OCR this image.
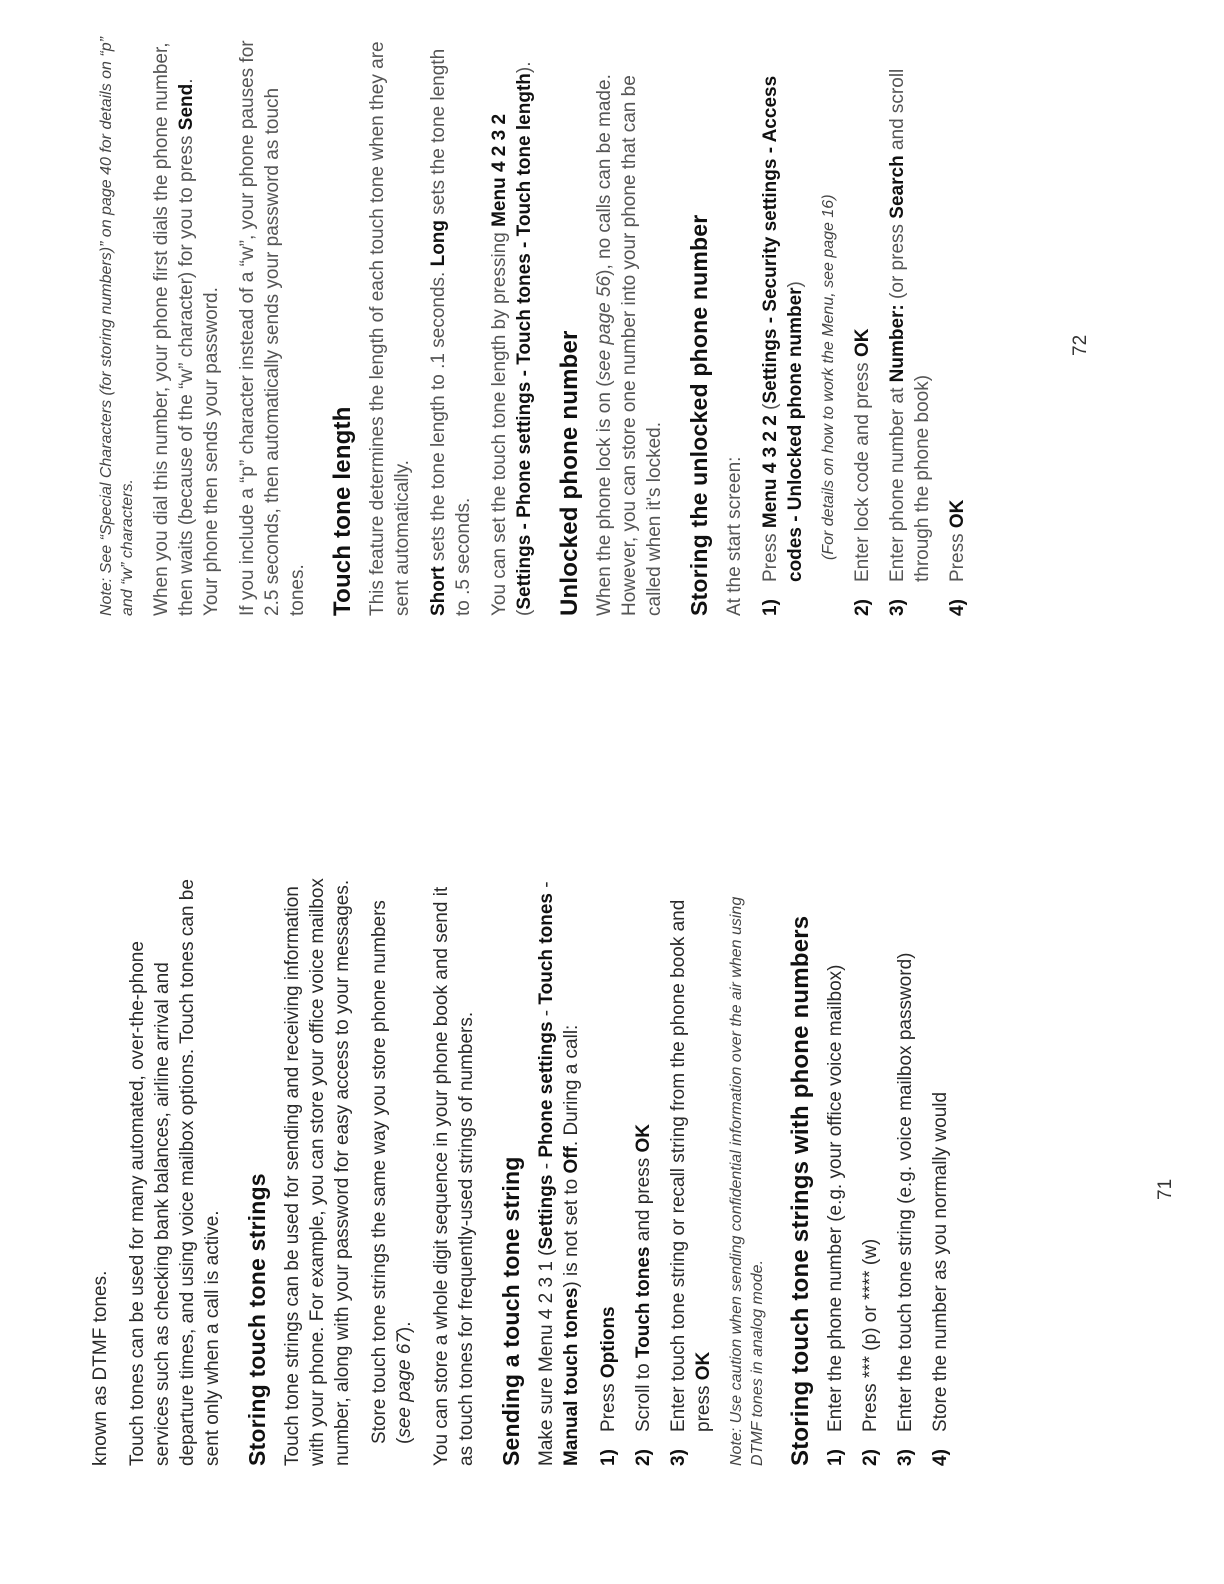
known as DTMF tones. Touch tones can be used for many automated, over-the-phone services such as checking bank balances, airline arrival and departure times, and using voice mailbox options. Touch tones can be sent only when a call is active. Storing touch tone strings Touch tone strings can be used for sending and receiving information with your phone. For example, you can store your office voice mailbox number, along with your password for easy access to your messages. Store touch tone strings the same way you store phone numbers (see page 67). You can store a whole digit sequence in your phone book and send it as touch tones for frequently-used strings of numbers. Sending a touch tone string Make sure Menu 4 2 3 1 (Settings - Phone settings - Touch tones - Manual touch tones) is not set to Off. During a call:

1)
Press Options
2)
Scroll to Touch tones and press OK
3)
Enter touch tone string or recall string from the phone book and press OK Note: Use caution when sending confidential information over the air when using DTMF tones in analog mode. Storing touch tone strings with phone numbers 1)
Enter the phone number (e.g. your office voice mailbox)
2)
Press *** (p) or **** (w)
3)
Enter the touch tone string (e.g. voice mailbox password)
4)
Store the number as you normally would	71

Note: See “Special Characters (for storing numbers)” on page 40 for details on “p” and “w” characters. When you dial this number, your phone first dials the phone number, then waits (because of the “w” character) for you to press Send. Your phone then sends your password. If you include a “p” character instead of a “w”, your phone pauses for 2.5 seconds, then automatically sends your password as touch tones. Touch tone length This feature determines the length of each touch tone when they are sent automatically. Short sets the tone length to .1 seconds. Long sets the tone length to .5 seconds. You can set the touch tone length by pressing Menu 4 2 3 2 (Settings - Phone settings - Touch tones - Touch tone length).

Unlocked phone number When the phone lock is on (see page 56), no calls can be made. However, you can store one number into your phone that can be called when it’s locked. Storing the unlocked phone number At the start screen: 1)
Press Menu 4 3 2 2 (Settings - Security settings - Access codes - Unlocked phone number) (For details on how to work the Menu, see page 16)

2)
Enter lock code and press OK
3)
Enter phone number at Number: (or press Search and scroll through the phone book)
4)
Press OK
72
